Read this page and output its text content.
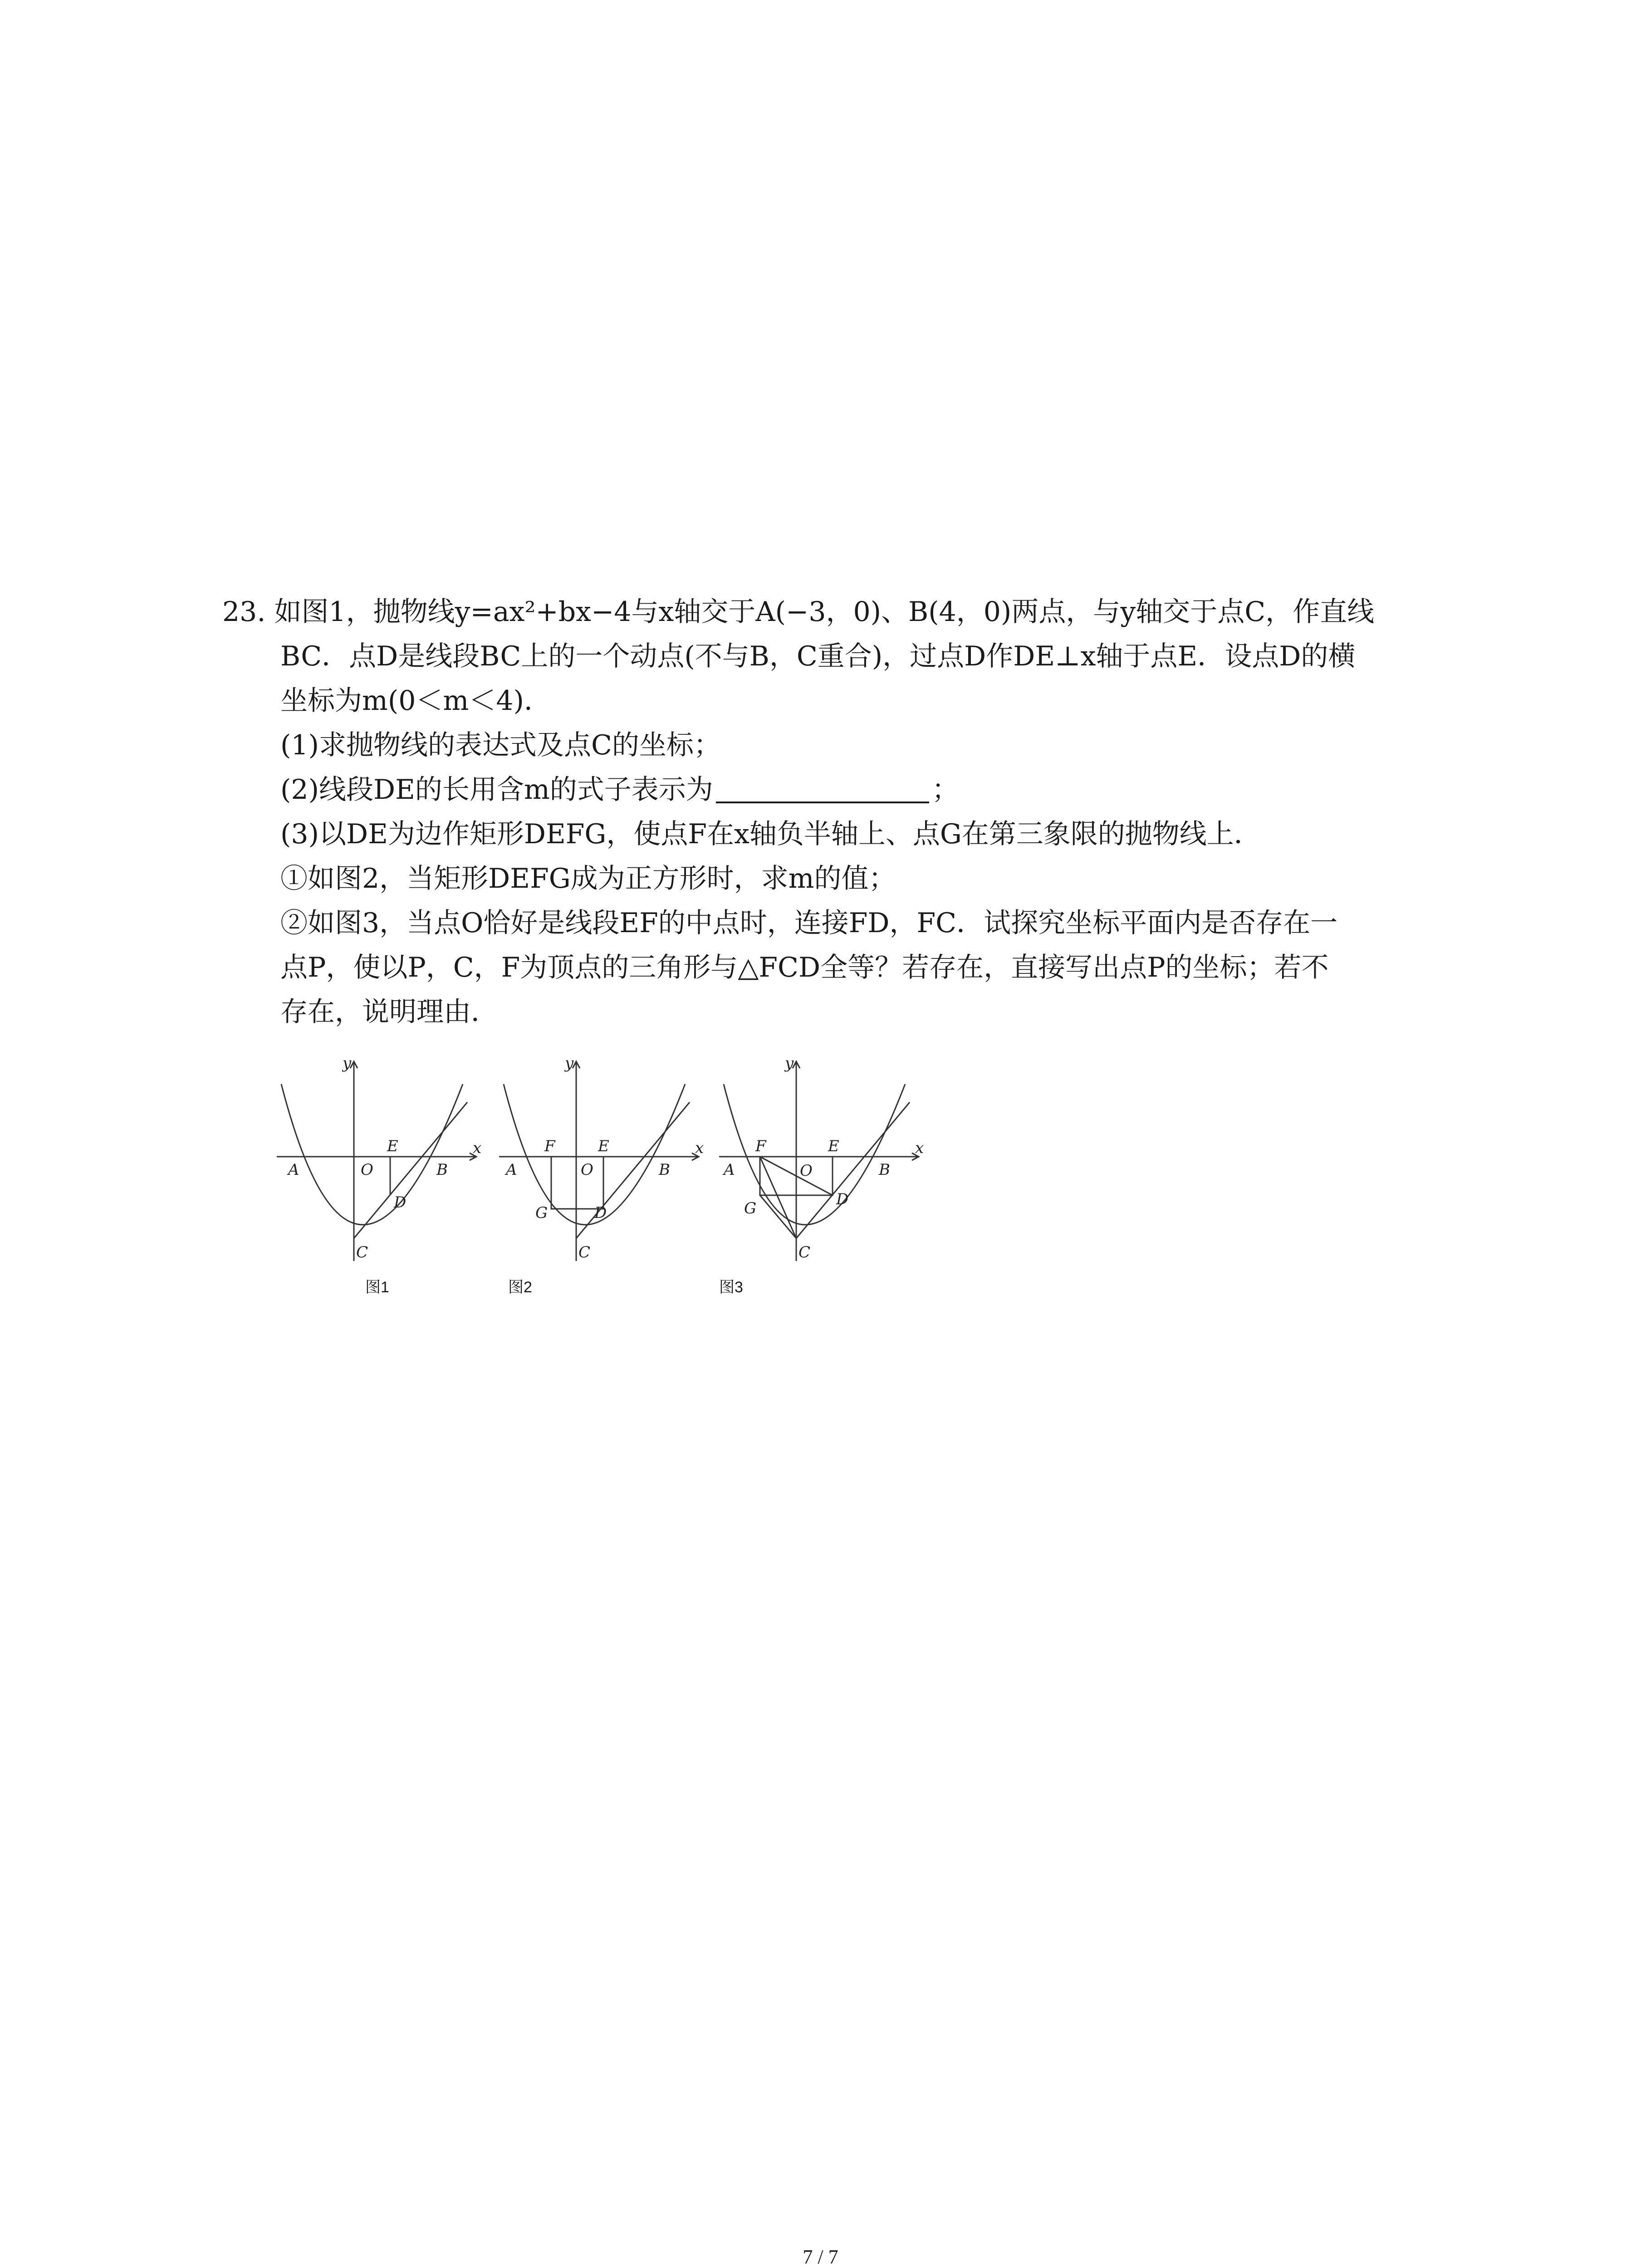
23. 如图1，抛物线y=ax²+bx−4与x轴交于A(−3，0)、B(4，0)两点，与y轴交于点C，作直线
BC．点D是线段BC上的一个动点(不与B，C重合)，过点D作DE⊥x轴于点E．设点D的横
坐标为m(0＜m＜4)．
(1)求抛物线的表达式及点C的坐标；
(2)线段DE的长用含m的式子表示为	；
(3)以DE为边作矩形DEFG，使点F在x轴负半轴上、点G在第三象限的抛物线上．
①如图2，当矩形DEFG成为正方形时，求m的值；
②如图3，当点O恰好是线段EF的中点时，连接FD，FC．试探究坐标平面内是否存在一
点P，使以P，C，F为顶点的三角形与△FCD全等？若存在，直接写出点P的坐标；若不
存在，说明理由．
y
x
A	O
E
B
D
C
y
x
A
F	E
O	B
G	D
C
y
x
A
F	E
O	B
G	D
C
图1	图2	图3
7 / 7
